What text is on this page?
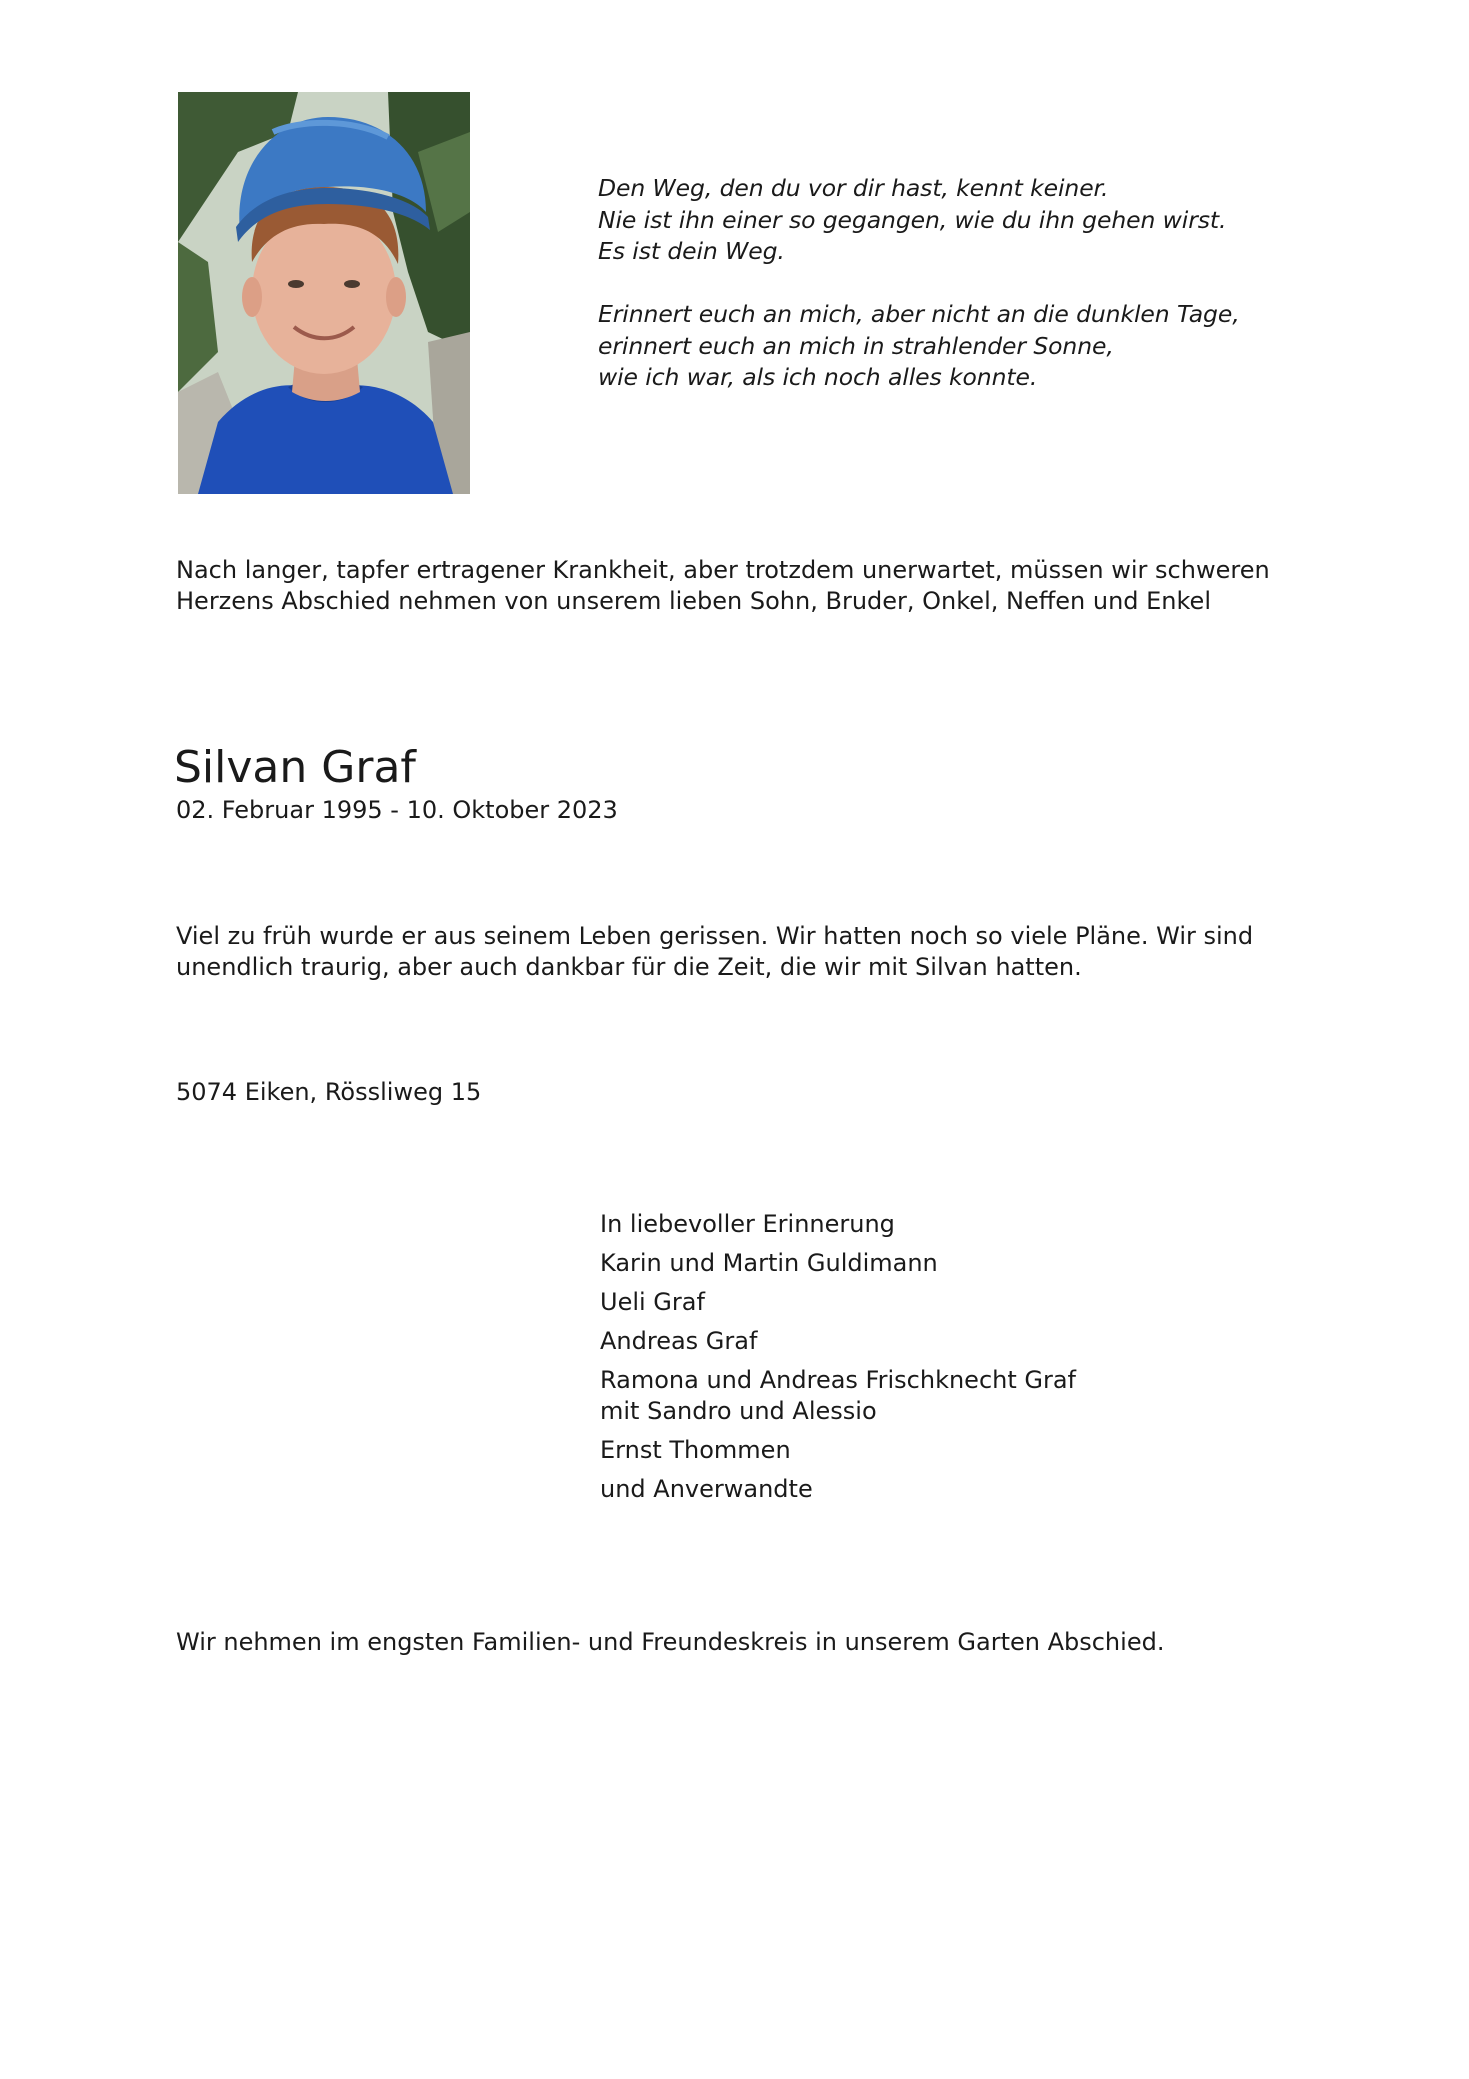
Den Weg, den du vor dir hast, kennt keiner.

Nie ist ihn einer so gegangen, wie du ihn gehen wirst.

Es ist dein Weg.

Erinnert euch an mich, aber nicht an die dunklen Tage,

erinnert euch an mich in strahlender Sonne,

wie ich war, als ich noch alles konnte.

Nach langer, tapfer ertragener Krankheit, aber trotzdem unerwartet, müssen wir schweren Herzens Abschied nehmen von unserem lieben Sohn, Bruder, Onkel, Neffen und Enkel

Silvan Graf

02. Februar 1995 - 10. Oktober 2023

Viel zu früh wurde er aus seinem Leben gerissen. Wir hatten noch so viele Pläne. Wir sind unendlich traurig, aber auch dankbar für die Zeit, die wir mit Silvan hatten.

5074 Eiken, Rössliweg 15

In liebevoller Erinnerung
Karin und Martin Guldimann
Ueli Graf
Andreas Graf
Ramona und Andreas Frischknecht Graf
mit Sandro und Alessio
Ernst Thommen
und Anverwandte

Wir nehmen im engsten Familien- und Freundeskreis in unserem Garten Abschied.
